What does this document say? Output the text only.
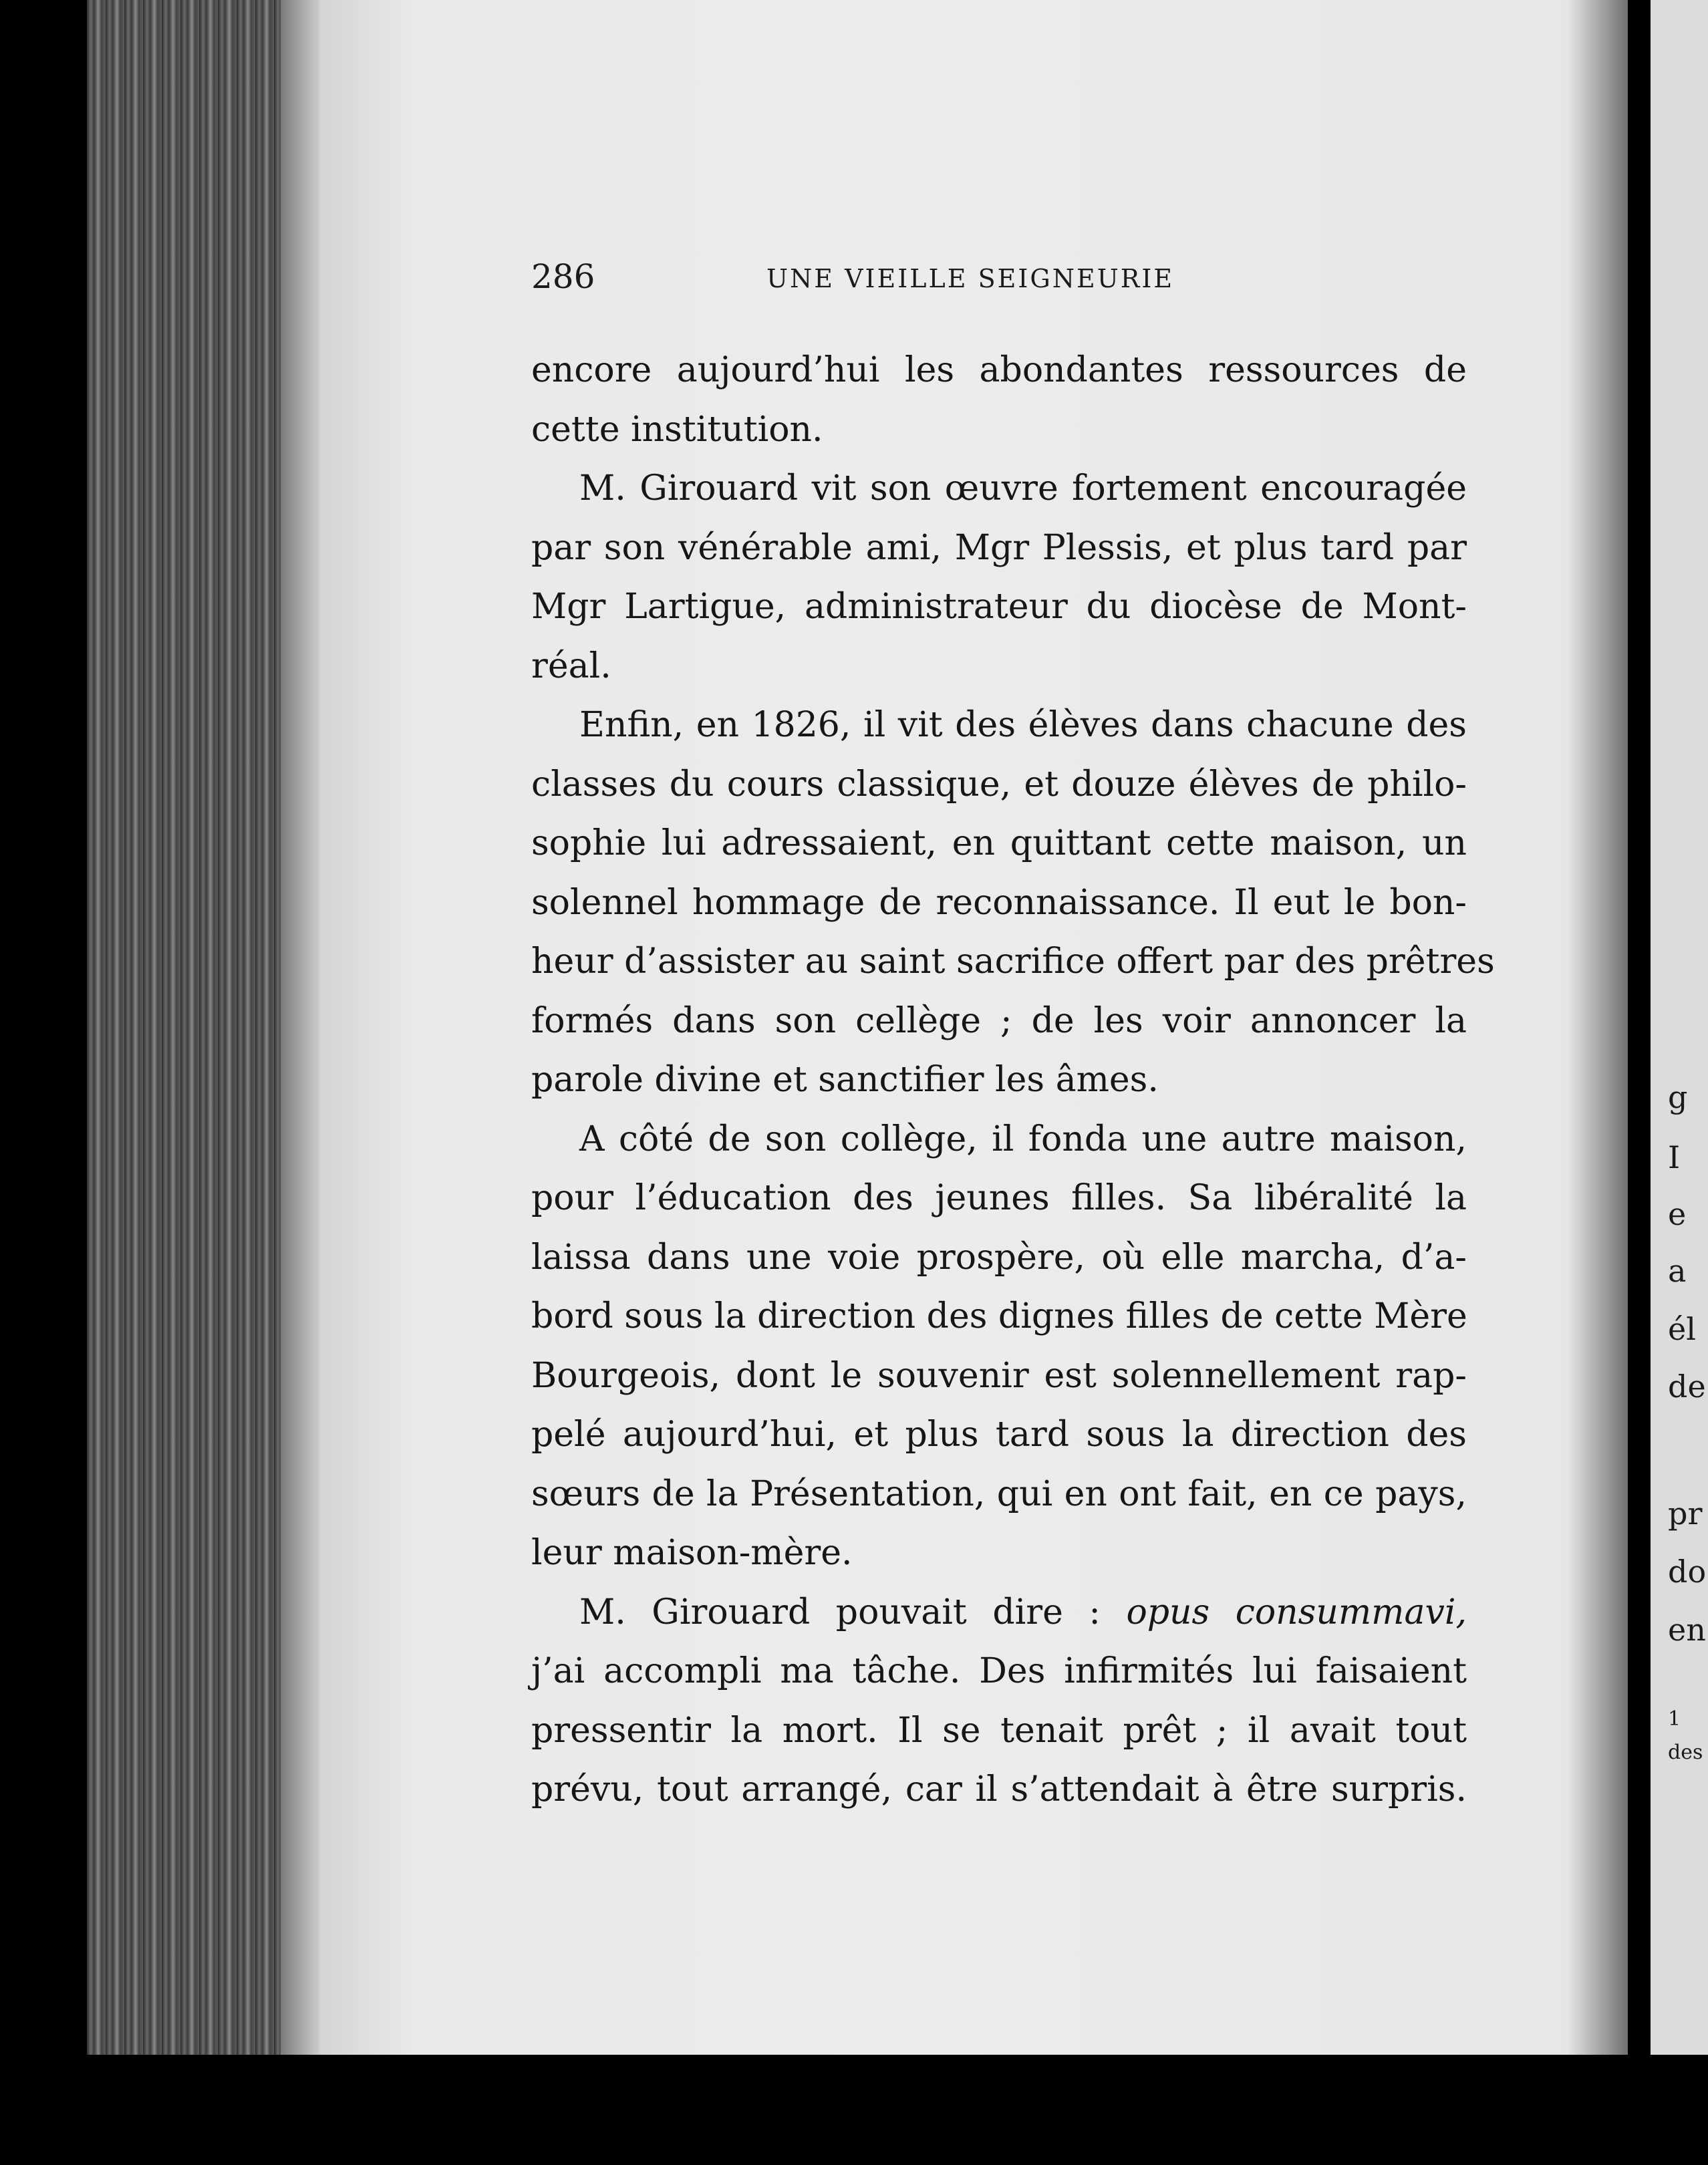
g
I
e
a
él
de
pr
do
en
1
des
286	UNE VIEILLE SEIGNEURIE
encore aujourd’hui les abondantes ressources de
cette institution.
M. Girouard vit son œuvre fortement encouragée
par son vénérable ami, Mgr Plessis, et plus tard par
Mgr Lartigue, administrateur du diocèse de Mont-
réal.
Enfin, en 1826, il vit des élèves dans chacune des
classes du cours classique, et douze élèves de philo-
sophie lui adressaient, en quittant cette maison, un
solennel hommage de reconnaissance. Il eut le bon-
heur d’assister au saint sacrifice offert par des prêtres
formés dans son cellège ; de les voir annoncer la
parole divine et sanctifier les âmes.
A côté de son collège, il fonda une autre maison,
pour l’éducation des jeunes filles. Sa libéralité la
laissa dans une voie prospère, où elle marcha, d’a-
bord sous la direction des dignes filles de cette Mère
Bourgeois, dont le souvenir est solennellement rap-
pelé aujourd’hui, et plus tard sous la direction des
sœurs de la Présentation, qui en ont fait, en ce pays,
leur maison-mère.
M. Girouard pouvait dire : opus consummavi,
j’ai accompli ma tâche. Des infirmités lui faisaient
pressentir la mort. Il se tenait prêt ; il avait tout
prévu, tout arrangé, car il s’attendait à être surpris.
